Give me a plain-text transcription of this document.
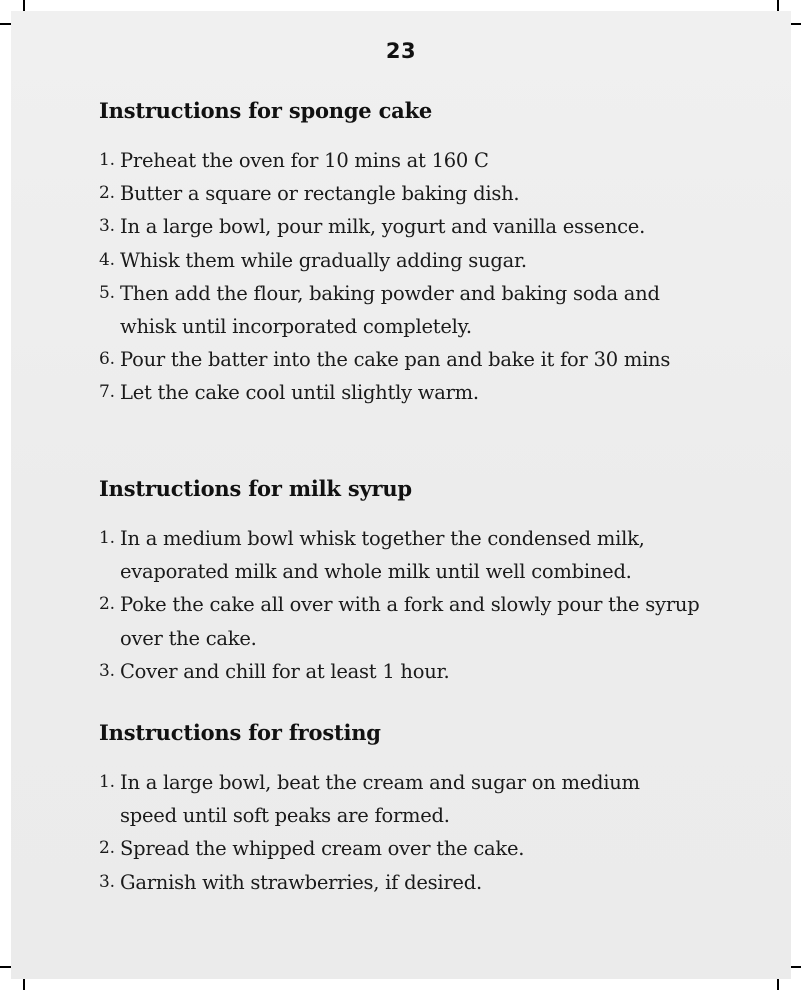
23
Instructions for sponge cake
1. Preheat the oven for 10 mins at 160 C
2. Butter a square or rectangle baking dish.
3. In a large bowl, pour milk, yogurt and vanilla essence.
4. Whisk them while gradually adding sugar.
5. Then add the flour, baking powder and baking soda and whisk until incorporated completely.
6. Pour the batter into the cake pan and bake it for 30 mins
7. Let the cake cool until slightly warm.
Instructions for milk syrup
1. In a medium bowl whisk together the condensed milk, evaporated milk and whole milk until well combined.
2. Poke the cake all over with a fork and slowly pour the syrup over the cake.
3. Cover and chill for at least 1 hour.
Instructions for frosting
1. In a large bowl, beat the cream and sugar on medium speed until soft peaks are formed.
2. Spread the whipped cream over the cake.
3. Garnish with strawberries, if desired.
